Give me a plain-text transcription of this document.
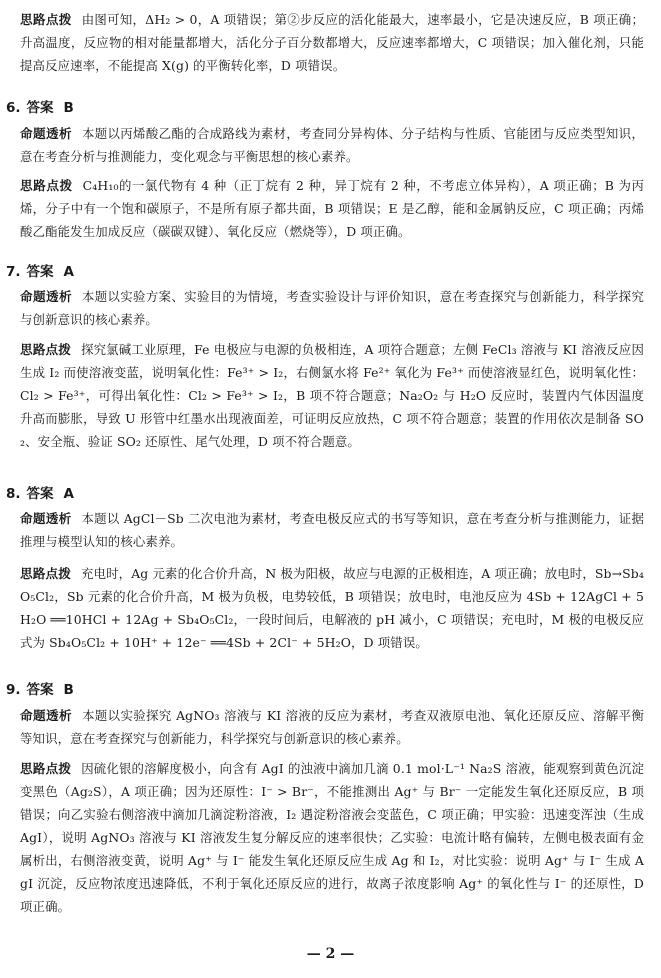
思路点拨 由图可知，ΔH₂ > 0，A 项错误；第②步反应的活化能最大，速率最小，它是决速反应，B 项正确；升高温度，反应物的相对能量都增大，活化分子百分数都增大，反应速率都增大，C 项错误；加入催化剂，只能提高反应速率，不能提高 X(g) 的平衡转化率，D 项错误。
6. 答案 B
命题透析 本题以丙烯酸乙酯的合成路线为素材，考查同分异构体、分子结构与性质、官能团与反应类型知识，意在考查分析与推测能力，变化观念与平衡思想的核心素养。
思路点拨 C₄H₁₀的一氯代物有 4 种（正丁烷有 2 种，异丁烷有 2 种，不考虑立体异构），A 项正确；B 为丙烯，分子中有一个饱和碳原子，不是所有原子都共面，B 项错误；E 是乙醇，能和金属钠反应，C 项正确；丙烯酸乙酯能发生加成反应（碳碳双键）、氧化反应（燃烧等），D 项正确。
7. 答案 A
命题透析 本题以实验方案、实验目的为情境，考查实验设计与评价知识，意在考查探究与创新能力，科学探究与创新意识的核心素养。
思路点拨 探究氯碱工业原理，Fe 电极应与电源的负极相连，A 项符合题意；左侧 FeCl₃ 溶液与 KI 溶液反应因生成 I₂ 而使溶液变蓝，说明氧化性：Fe³⁺ > I₂，右侧氯水将 Fe²⁺ 氧化为 Fe³⁺ 而使溶液显红色，说明氧化性：Cl₂ > Fe³⁺，可得出氧化性：Cl₂ > Fe³⁺ > I₂，B 项不符合题意；Na₂O₂ 与 H₂O 反应时，装置内气体因温度升高而膨胀，导致 U 形管中红墨水出现液面差，可证明反应放热，C 项不符合题意；装置的作用依次是制备 SO₂、安全瓶、验证 SO₂ 还原性、尾气处理，D 项不符合题意。
8. 答案 A
命题透析 本题以 AgCl－Sb 二次电池为素材，考查电极反应式的书写等知识，意在考查分析与推测能力，证据推理与模型认知的核心素养。
思路点拨 充电时，Ag 元素的化合价升高，N 极为阳极，故应与电源的正极相连，A 项正确；放电时，Sb→Sb₄O₅Cl₂，Sb 元素的化合价升高，M 极为负极，电势较低，B 项错误；放电时，电池反应为 4Sb + 12AgCl + 5H₂O ══10HCl + 12Ag + Sb₄O₅Cl₂，一段时间后，电解液的 pH 减小，C 项错误；充电时，M 极的电极反应式为 Sb₄O₅Cl₂ + 10H⁺ + 12e⁻ ══4Sb + 2Cl⁻ + 5H₂O，D 项错误。
9. 答案 B
命题透析 本题以实验探究 AgNO₃ 溶液与 KI 溶液的反应为素材，考查双液原电池、氧化还原反应、溶解平衡等知识，意在考查探究与创新能力，科学探究与创新意识的核心素养。
思路点拨 因硫化银的溶解度极小，向含有 AgI 的浊液中滴加几滴 0.1 mol·L⁻¹ Na₂S 溶液，能观察到黄色沉淀变黑色（Ag₂S），A 项正确；因为还原性：I⁻ > Br⁻，不能推测出 Ag⁺ 与 Br⁻ 一定能发生氧化还原反应，B 项错误；向乙实验右侧溶液中滴加几滴淀粉溶液，I₂ 遇淀粉溶液会变蓝色，C 项正确；甲实验：迅速变浑浊（生成 AgI），说明 AgNO₃ 溶液与 KI 溶液发生复分解反应的速率很快；乙实验：电流计略有偏转，左侧电极表面有金属析出，右侧溶液变黄，说明 Ag⁺ 与 I⁻ 能发生氧化还原反应生成 Ag 和 I₂，对比实验：说明 Ag⁺ 与 I⁻ 生成 AgI 沉淀，反应物浓度迅速降低，不利于氧化还原反应的进行，故离子浓度影响 Ag⁺ 的氧化性与 I⁻ 的还原性，D 项正确。
— 2 —
